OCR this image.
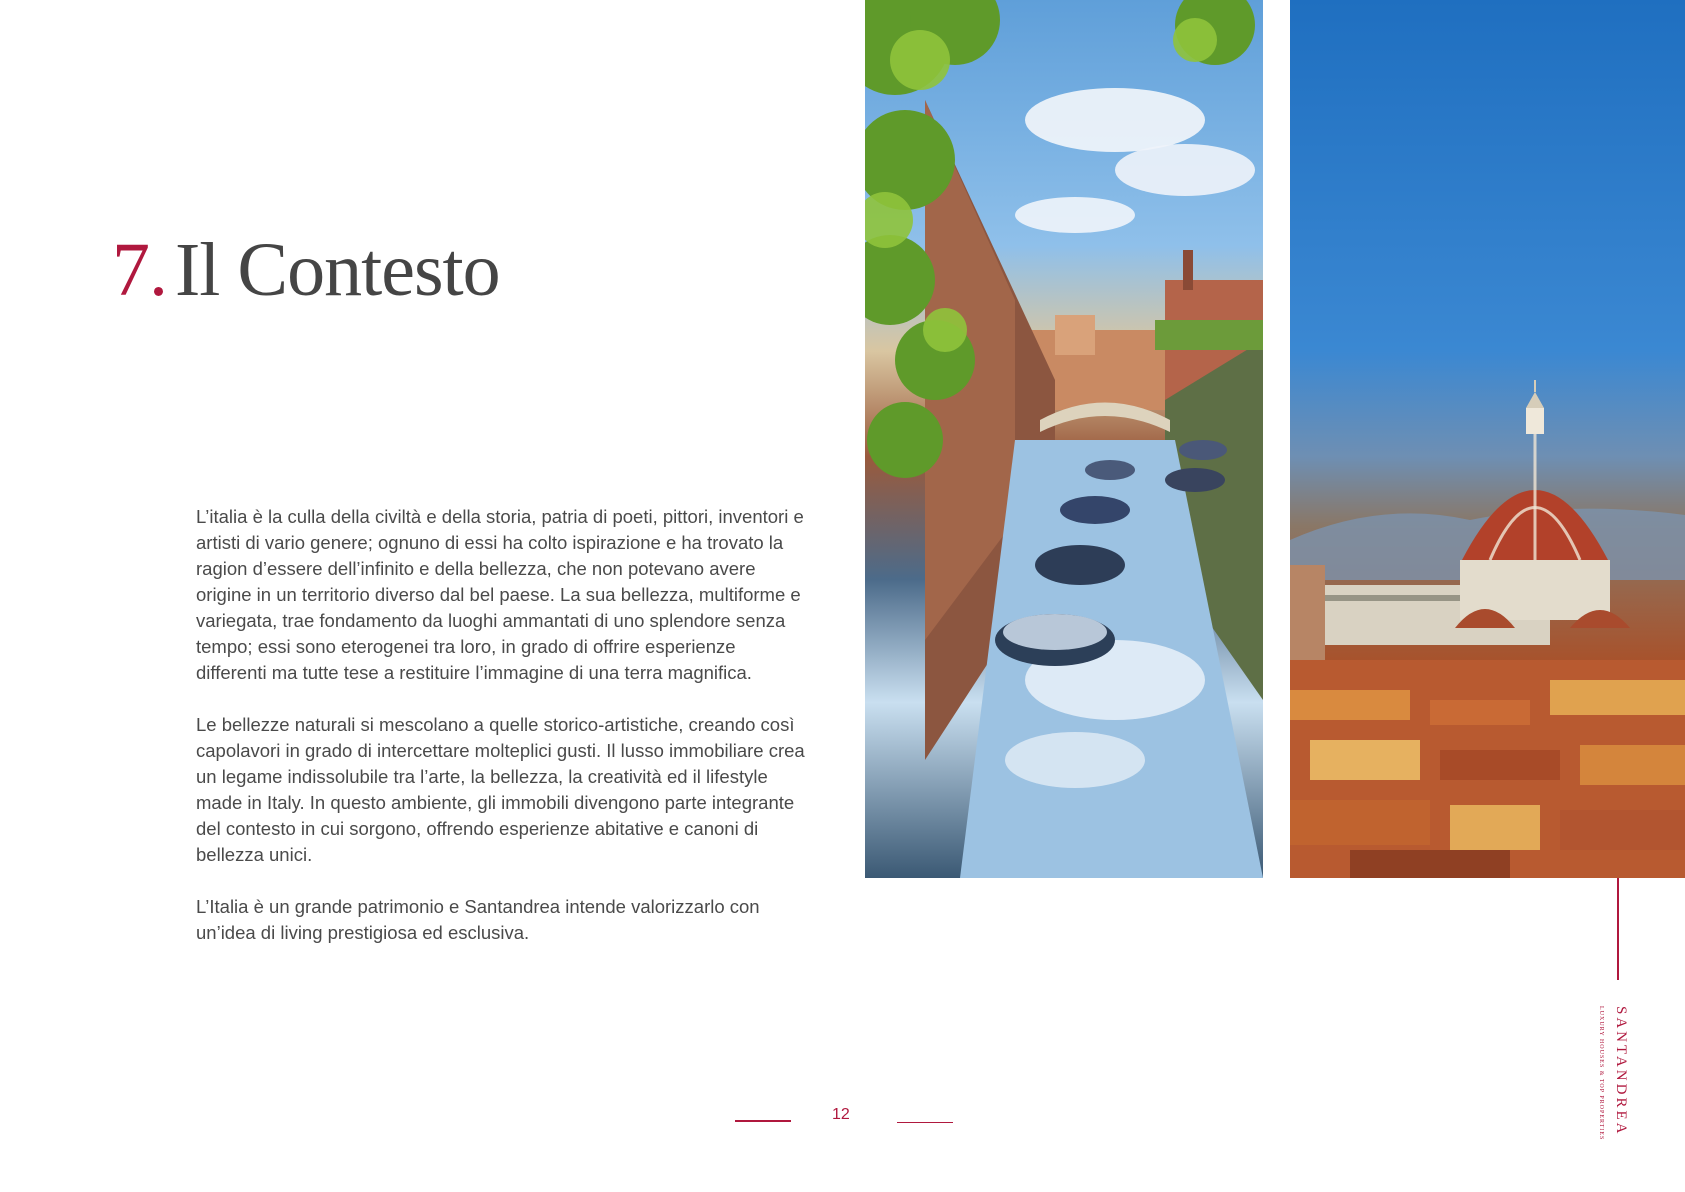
7. Il Contesto

L’italia è la culla della civiltà e della storia, patria di poeti, pittori, inventori e artisti di vario genere; ognuno di essi ha colto ispirazione e ha trovato la ragion d’essere dell’infinito e della bellezza, che non potevano avere origine in un territorio diverso dal bel paese. La sua bellezza, multiforme e variegata, trae fondamento da luoghi ammantati di uno splendore senza tempo; essi sono eterogenei tra loro, in grado di offrire esperienze differenti ma tutte tese a restituire l’immagine di una terra magnifica.

Le bellezze naturali si mescolano a quelle storico-artistiche, creando così capolavori in grado di intercettare molteplici gusti. Il lusso immobiliare crea un legame indissolubile tra l’arte, la bellezza, la creatività ed il lifestyle made in Italy. In questo ambiente, gli immobili divengono parte integrante del contesto in cui sorgono, offrendo esperienze abitative e canoni di bellezza unici.

L’Italia è un grande patrimonio e Santandrea intende valorizzarlo con un’idea di living prestigiosa ed esclusiva.

SANTANDREA
LUXURY HOUSES & TOP PROPERTIES
12
